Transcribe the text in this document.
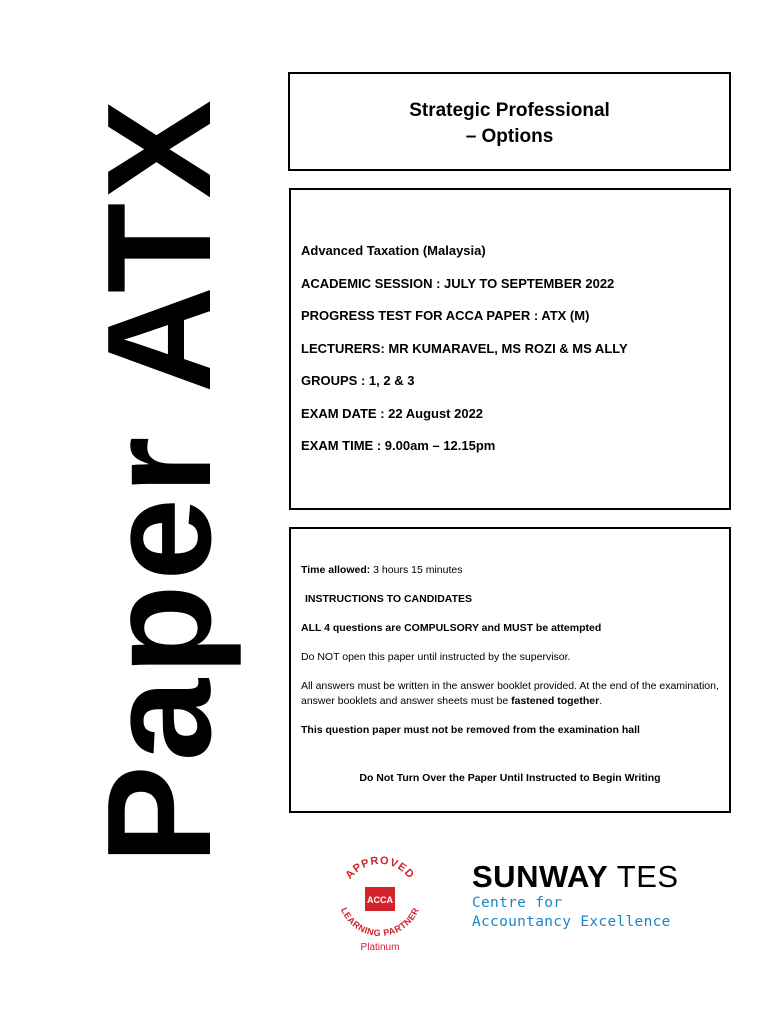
Paper ATX	Strategic Professional
– Options
Advanced Taxation (Malaysia)
ACADEMIC SESSION : JULY TO SEPTEMBER 2022
PROGRESS TEST FOR ACCA PAPER : ATX (M)
LECTURERS: MR KUMARAVEL, MS ROZI & MS ALLY
GROUPS : 1, 2 & 3
EXAM DATE : 22 August 2022
EXAM TIME : 9.00am – 12.15pm
Time allowed: 3 hours 15 minutes
INSTRUCTIONS TO CANDIDATES
ALL 4 questions are COMPULSORY and MUST be attempted
Do NOT open this paper until instructed by the supervisor.
All answers must be written in the answer booklet provided. At the end of the examination, answer booklets and answer sheets must be fastened together.
This question paper must not be removed from the examination hall
Do Not Turn Over the Paper Until Instructed to Begin Writing
APPROVED
LEARNING PARTNER
ACCA
Platinum
SUNWAY TES
Centre for
Accountancy Excellence
